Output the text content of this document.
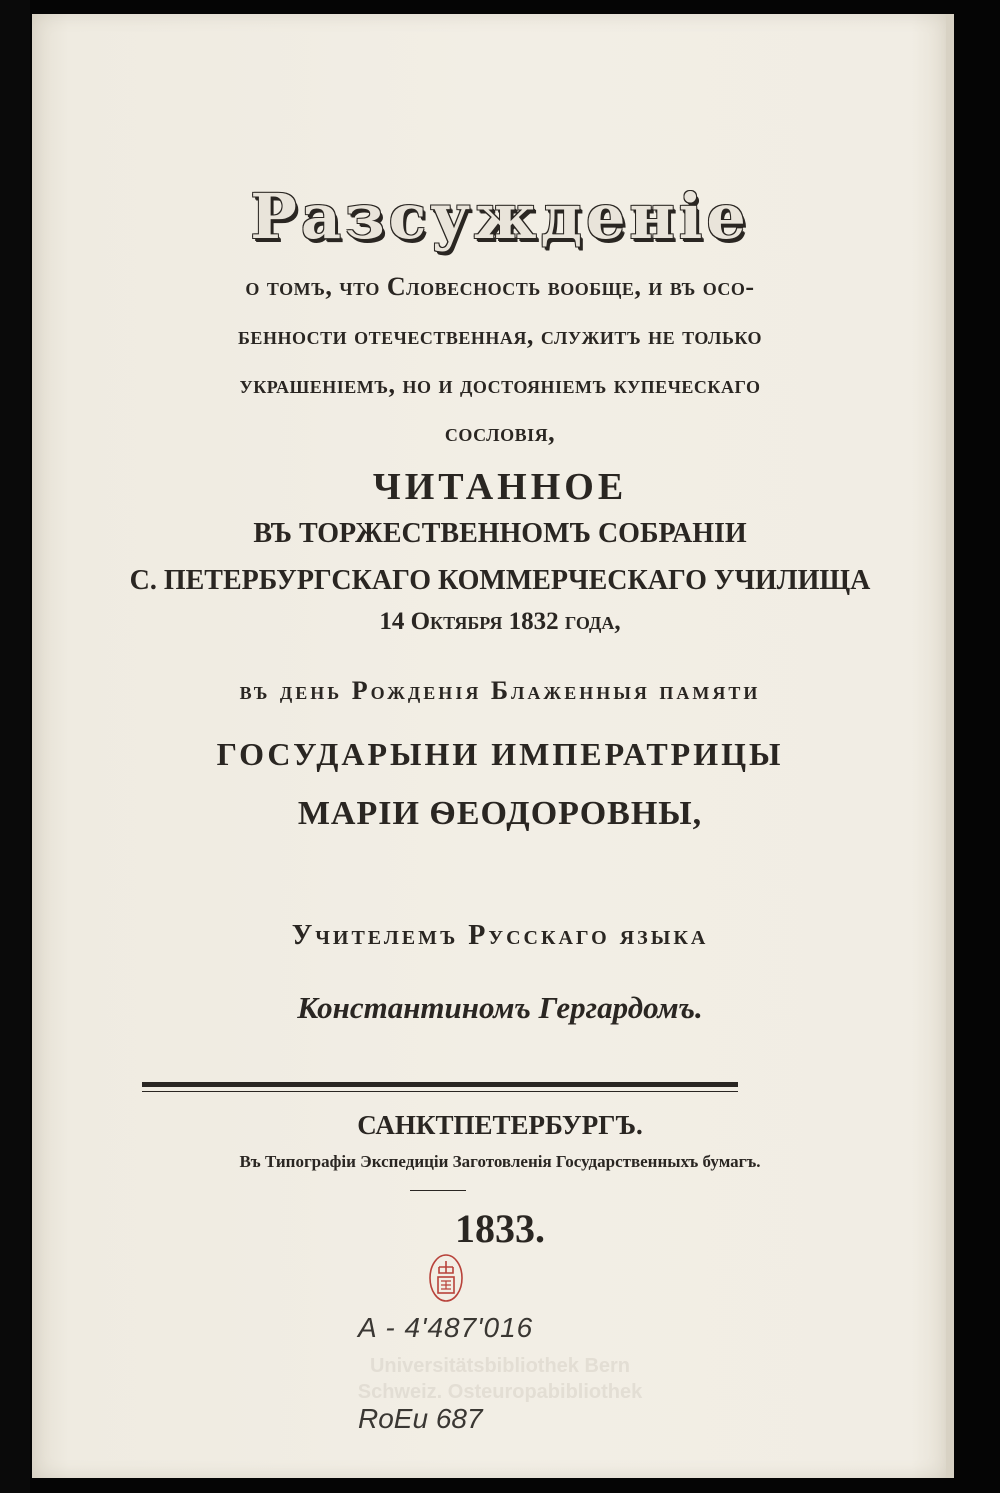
Разсужденіе
о томъ, что Словесность вообще, и въ осо-
бенности отечественная, служитъ не только
украшеніемъ, но и достояніемъ купеческаго
сословія,
ЧИТАННОЕ
ВЪ ТОРЖЕСТВЕННОМЪ СОБРАНІИ
С. ПЕТЕРБУРГСКАГО КОММЕРЧЕСКАГО УЧИЛИЩА
14 Октября 1832 года,
въ день Рожденія Блаженныя памяти
ГОСУДАРЫНИ ИМПЕРАТРИЦЫ
МАРІИ ѲЕОДОРОВНЫ,
Учителемъ Русскаго языка
Константиномъ Гергардомъ.
САНКТПЕТЕРБУРГЪ.
Въ Типографіи Экспедиціи Заготовленія Государственныхъ бумагъ.
1833.
Universitätsbibliothek Bern
Schweiz. Osteuropabibliothek
A - 4'487'016
RoEu 687
